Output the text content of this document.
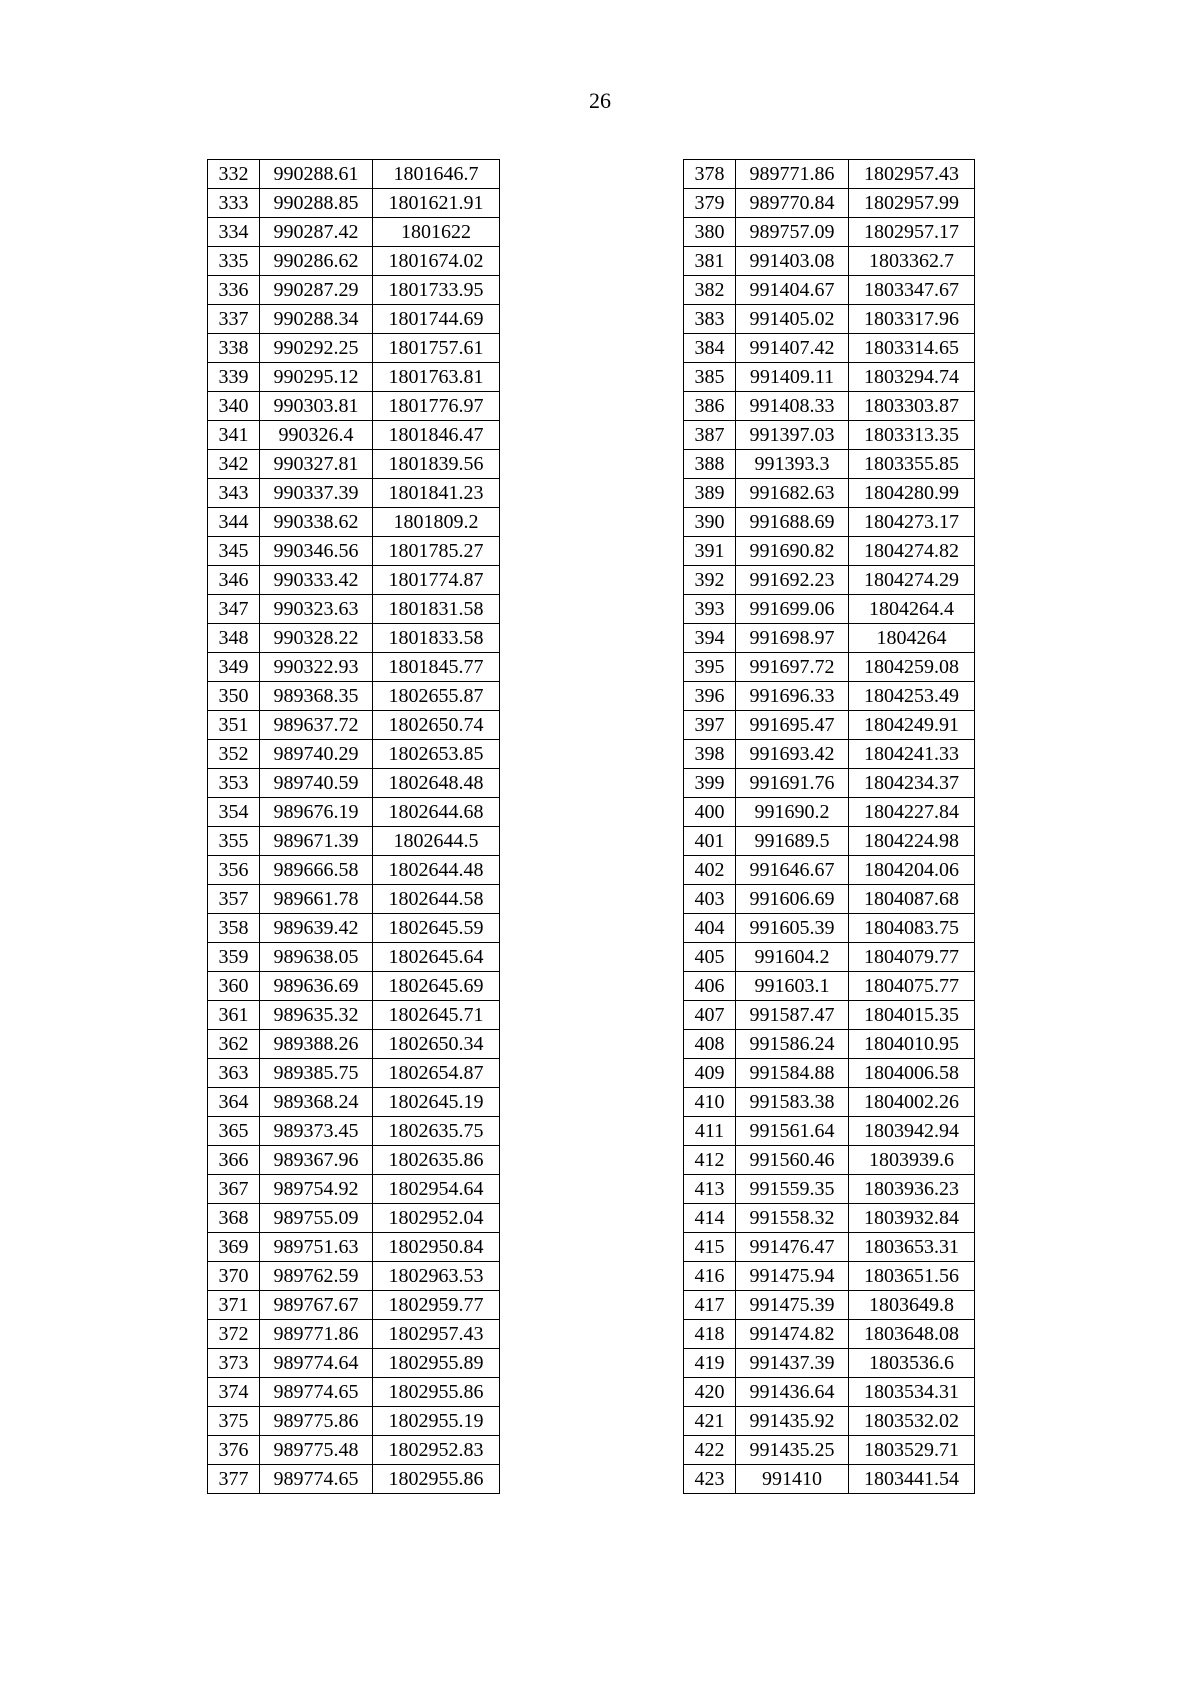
26
332	990288.61	1801646.7
333	990288.85	1801621.91
334	990287.42	1801622
335	990286.62	1801674.02
336	990287.29	1801733.95
337	990288.34	1801744.69
338	990292.25	1801757.61
339	990295.12	1801763.81
340	990303.81	1801776.97
341	990326.4	1801846.47
342	990327.81	1801839.56
343	990337.39	1801841.23
344	990338.62	1801809.2
345	990346.56	1801785.27
346	990333.42	1801774.87
347	990323.63	1801831.58
348	990328.22	1801833.58
349	990322.93	1801845.77
350	989368.35	1802655.87
351	989637.72	1802650.74
352	989740.29	1802653.85
353	989740.59	1802648.48
354	989676.19	1802644.68
355	989671.39	1802644.5
356	989666.58	1802644.48
357	989661.78	1802644.58
358	989639.42	1802645.59
359	989638.05	1802645.64
360	989636.69	1802645.69
361	989635.32	1802645.71
362	989388.26	1802650.34
363	989385.75	1802654.87
364	989368.24	1802645.19
365	989373.45	1802635.75
366	989367.96	1802635.86
367	989754.92	1802954.64
368	989755.09	1802952.04
369	989751.63	1802950.84
370	989762.59	1802963.53
371	989767.67	1802959.77
372	989771.86	1802957.43
373	989774.64	1802955.89
374	989774.65	1802955.86
375	989775.86	1802955.19
376	989775.48	1802952.83
377	989774.65	1802955.86
378	989771.86	1802957.43
379	989770.84	1802957.99
380	989757.09	1802957.17
381	991403.08	1803362.7
382	991404.67	1803347.67
383	991405.02	1803317.96
384	991407.42	1803314.65
385	991409.11	1803294.74
386	991408.33	1803303.87
387	991397.03	1803313.35
388	991393.3	1803355.85
389	991682.63	1804280.99
390	991688.69	1804273.17
391	991690.82	1804274.82
392	991692.23	1804274.29
393	991699.06	1804264.4
394	991698.97	1804264
395	991697.72	1804259.08
396	991696.33	1804253.49
397	991695.47	1804249.91
398	991693.42	1804241.33
399	991691.76	1804234.37
400	991690.2	1804227.84
401	991689.5	1804224.98
402	991646.67	1804204.06
403	991606.69	1804087.68
404	991605.39	1804083.75
405	991604.2	1804079.77
406	991603.1	1804075.77
407	991587.47	1804015.35
408	991586.24	1804010.95
409	991584.88	1804006.58
410	991583.38	1804002.26
411	991561.64	1803942.94
412	991560.46	1803939.6
413	991559.35	1803936.23
414	991558.32	1803932.84
415	991476.47	1803653.31
416	991475.94	1803651.56
417	991475.39	1803649.8
418	991474.82	1803648.08
419	991437.39	1803536.6
420	991436.64	1803534.31
421	991435.92	1803532.02
422	991435.25	1803529.71
423	991410	1803441.54
